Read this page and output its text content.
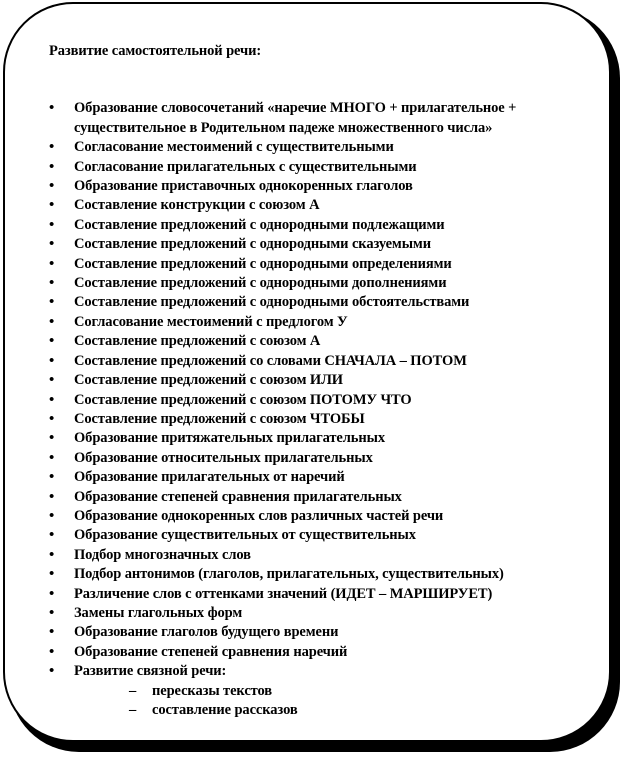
Развитие самостоятельной речи:

• Образование словосочетаний «наречие МНОГО + прилагательное + существительное в Родительном падеже множественного числа»
• Согласование местоимений с существительными
• Согласование прилагательных с существительными
• Образование приставочных однокоренных глаголов
• Составление конструкции с союзом А
• Составление предложений с однородными подлежащими
• Составление предложений с однородными сказуемыми
• Составление предложений с однородными определениями
• Составление предложений с однородными дополнениями
• Составление предложений с однородными обстоятельствами
• Согласование местоимений с предлогом У
• Составление предложений с союзом А
• Составление предложений со словами СНАЧАЛА – ПОТОМ
• Составление предложений с союзом ИЛИ
• Составление предложений с союзом ПОТОМУ ЧТО
• Составление предложений с союзом ЧТОБЫ
• Образование притяжательных прилагательных
• Образование относительных прилагательных
• Образование прилагательных от наречий
• Образование степеней сравнения прилагательных
• Образование однокоренных слов различных частей речи
• Образование существительных от существительных
• Подбор многозначных слов
• Подбор антонимов (глаголов, прилагательных, существительных)
• Различение слов с оттенками значений (ИДЕТ – МАРШИРУЕТ)
• Замены глагольных форм
• Образование глаголов будущего времени
• Образование степеней сравнения наречий
• Развитие связной речи:
– пересказы текстов
– составление рассказов
